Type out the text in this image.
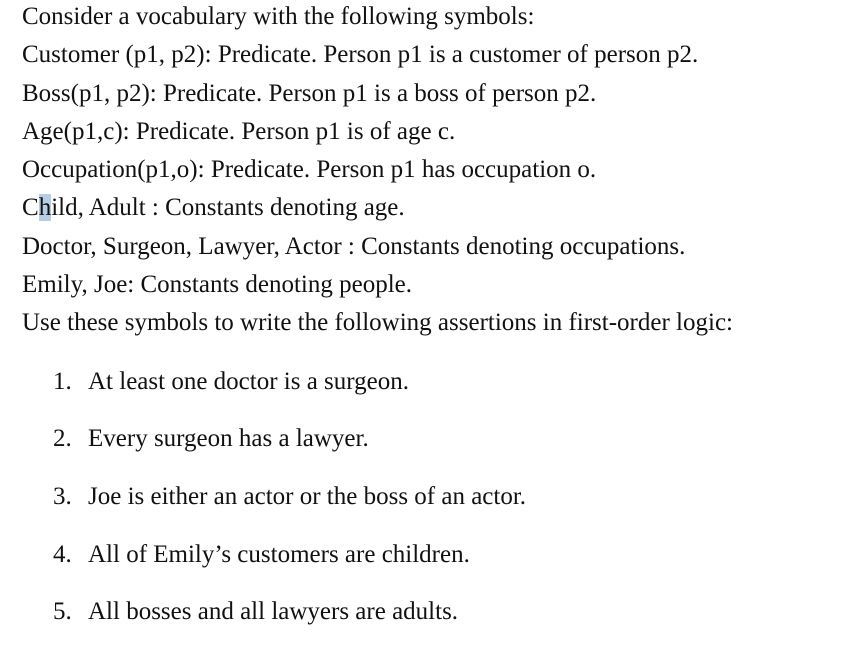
Consider a vocabulary with the following symbols:

Customer (p1, p2): Predicate. Person p1 is a customer of person p2.

Boss(p1, p2): Predicate. Person p1 is a boss of person p2.

Age(p1,c): Predicate. Person p1 is of age c.

Occupation(p1,o): Predicate. Person p1 has occupation o.

Child, Adult : Constants denoting age.

Doctor, Surgeon, Lawyer, Actor : Constants denoting occupations.

Emily, Joe: Constants denoting people.

Use these symbols to write the following assertions in first-order logic:

1. At least one doctor is a surgeon.
2. Every surgeon has a lawyer.
3. Joe is either an actor or the boss of an actor.
4. All of Emily’s customers are children.
5. All bosses and all lawyers are adults.
